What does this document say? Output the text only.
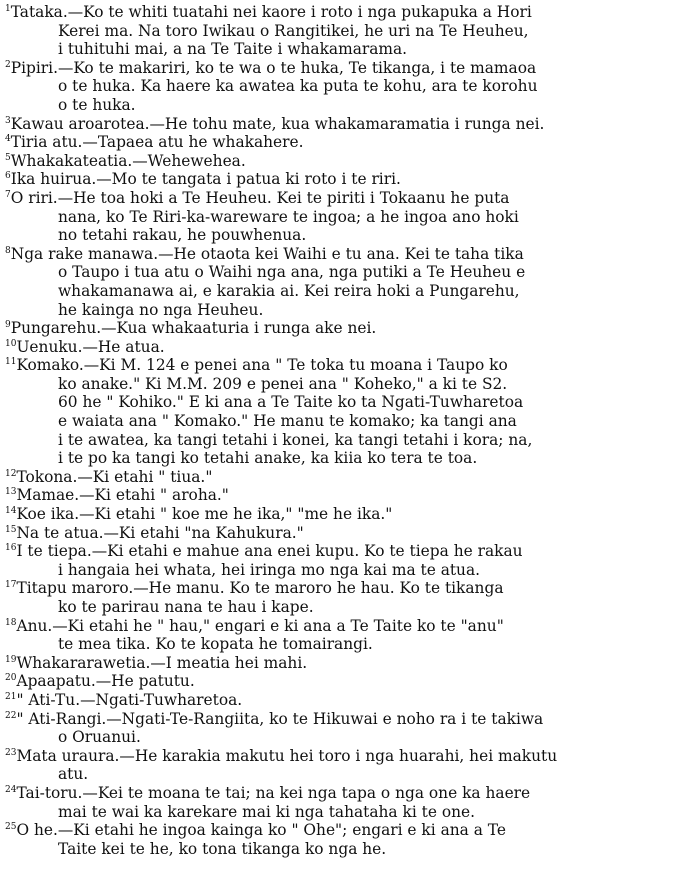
$^1$Tataka.—Ko te whiti tuatahi nei kaore i roto i nga pukapuka a Hori
Kerei ma. Na toro Iwikau o Rangitikei, he uri na Te Heuheu,
i tuhituhi mai, a na Te Taite i whakamarama.

$^2$Pipiri.—Ko te makariri, ko te wa o te huka, Te tikanga, i te mamaoa
o te huka. Ka haere ka awatea ka puta te kohu, ara te korohu
o te huka.

$^3$Kawau aroarotea.—He tohu mate, kua whakamaramatia i runga nei.

$^4$Tiria atu.—Tapaea atu he whakahere.

$^5$Whakakateatia.—Wehewehea.

$^6$Ika huirua.—Mo te tangata i patua ki roto i te riri.

$^7$O riri.—He toa hoki a Te Heuheu. Kei te piriti i Tokaanu he puta
nana, ko Te Riri-ka-wareware te ingoa; a he ingoa ano hoki
no tetahi rakau, he pouwhenua.

$^8$Nga rake manawa.—He otaota kei Waihi e tu ana. Kei te taha tika
o Taupo i tua atu o Waihi nga ana, nga putiki a Te Heuheu e
whakamanawa ai, e karakia ai. Kei reira hoki a Pungarehu,
he kainga no nga Heuheu.

$^9$Pungarehu.—Kua whakaaturia i runga ake nei.

$^{10}$Uenuku.—He atua.

$^{11}$Komako.—Ki M. 124 e penei ana " Te toka tu moana i Taupo ko
ko anake." Ki M.M. 209 e penei ana " Koheko," a ki te S2.
60 he " Kohiko." E ki ana a Te Taite ko ta Ngati-Tuwharetoa
e waiata ana " Komako." He manu te komako; ka tangi ana
i te awatea, ka tangi tetahi i konei, ka tangi tetahi i kora; na,
i te po ka tangi ko tetahi anake, ka kiia ko tera te toa.

$^{12}$Tokona.—Ki etahi " tiua."

$^{13}$Mamae.—Ki etahi " aroha."

$^{14}$Koe ika.—Ki etahi " koe me he ika," "me he ika."

$^{15}$Na te atua.—Ki etahi "na Kahukura."

$^{16}$I te tiepa.—Ki etahi e mahue ana enei kupu. Ko te tiepa he rakau
i hangaia hei whata, hei iringa mo nga kai ma te atua.

$^{17}$Titapu maroro.—He manu. Ko te maroro he hau. Ko te tikanga
ko te parirau nana te hau i kape.

$^{18}$Anu.—Ki etahi he " hau," engari e ki ana a Te Taite ko te "anu"
te mea tika. Ko te kopata he tomairangi.

$^{19}$Whakararawetia.—I meatia hei mahi.

$^{20}$Apaapatu.—He patutu.

$^{21}$" Ati-Tu.—Ngati-Tuwharetoa.

$^{22}$" Ati-Rangi.—Ngati-Te-Rangiita, ko te Hikuwai e noho ra i te takiwa
o Oruanui.

$^{23}$Mata uraura.—He karakia makutu hei toro i nga huarahi, hei makutu
atu.

$^{24}$Tai-toru.—Kei te moana te tai; na kei nga tapa o nga one ka haere
mai te wai ka karekare mai ki nga tahataha ki te one.

$^{25}$O he.—Ki etahi he ingoa kainga ko " Ohe"; engari e ki ana a Te
Taite kei te he, ko tona tikanga ko nga he.
